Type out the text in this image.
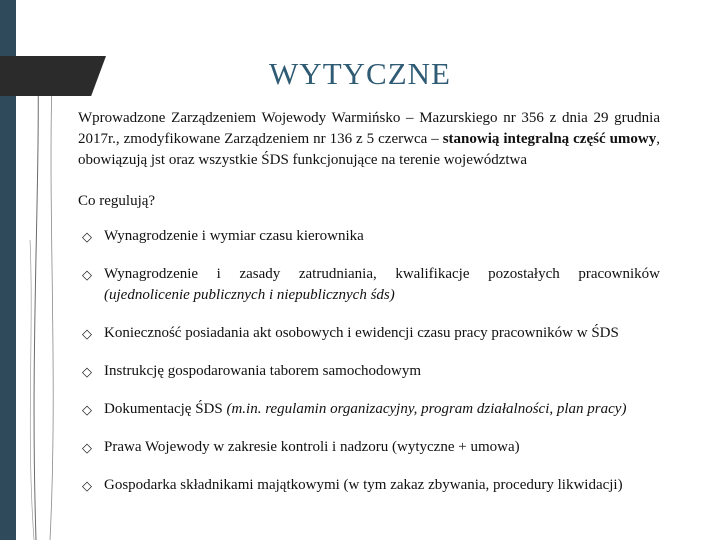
WYTYCZNE

Wprowadzone Zarządzeniem Wojewody Warmińsko – Mazurskiego nr 356 z dnia 29 grudnia 2017r., zmodyfikowane Zarządzeniem nr 136 z 5 czerwca – stanowią integralną część umowy, obowiązują jst oraz wszystkie ŚDS funkcjonujące na terenie województwa

Co regulują?

◇ Wynagrodzenie i wymiar czasu kierownika
◇ Wynagrodzenie i zasady zatrudniania, kwalifikacje pozostałych pracowników (ujednolicenie publicznych i niepublicznych śds)
◇ Konieczność posiadania akt osobowych i ewidencji czasu pracy pracowników w ŚDS
◇ Instrukcję gospodarowania taborem samochodowym
◇ Dokumentację ŚDS (m.in. regulamin organizacyjny, program działalności, plan pracy)
◇ Prawa Wojewody w zakresie kontroli i nadzoru (wytyczne + umowa)
◇ Gospodarka składnikami majątkowymi (w tym zakaz zbywania, procedury likwidacji)
